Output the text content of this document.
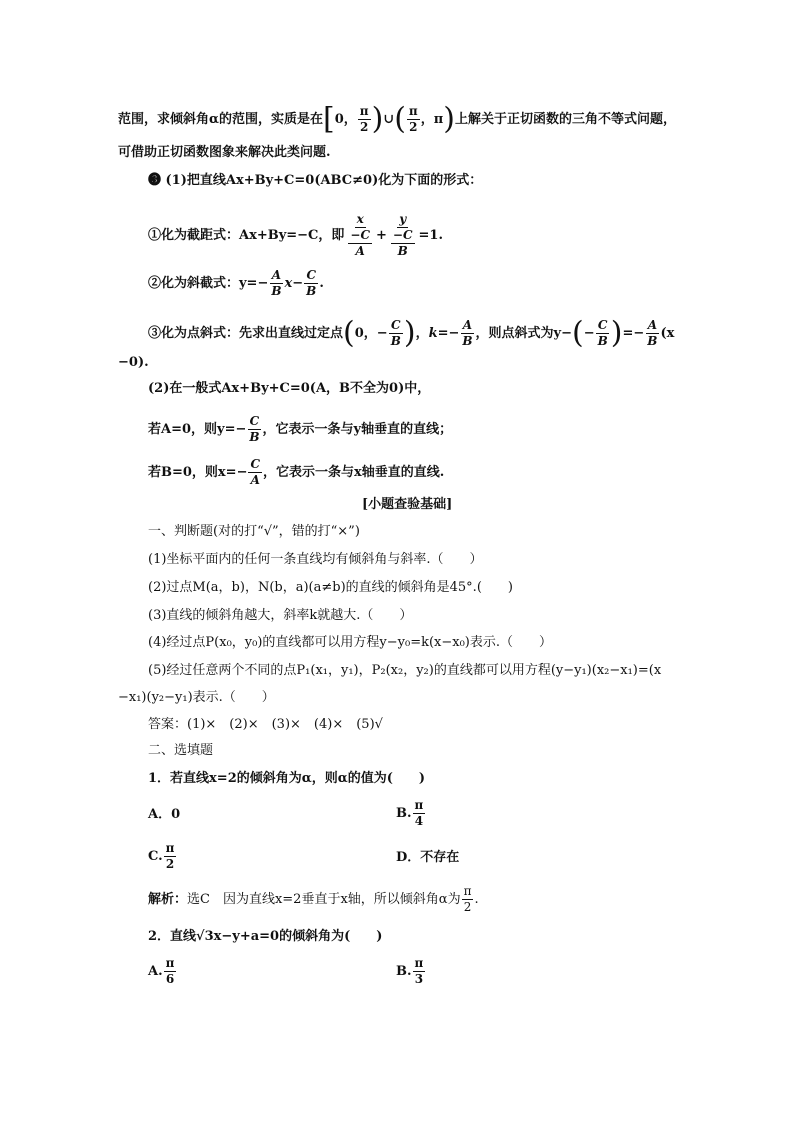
范围，求倾斜角α的范围，实质是在[0， $\frac{\pi}{2}$ )∪( $\frac{\pi}{2}$ ，π)上解关于正切函数的三角不等式问题，
可借助正切函数图象来解决此类问题.
❸ (1)把直线Ax+By+C=0(ABC≠0)化为下面的形式：
①化为截距式：Ax+By=−C，即 $\frac{x}{\frac{-C}{A}} + \frac{y}{\frac{-C}{B}} =1$.
②化为斜截式：$y=- \frac{A}{B} x- \frac{C}{B}$ .
③化为点斜式：先求出直线过定点(0，− $\frac{C}{B}$ )，$k=- \frac{A}{B}$ ，则点斜式为$y-(- \frac{C}{B}$ )=− $\frac{A}{B} (x$
−0).
(2)在一般式Ax+By+C=0(A，B不全为0)中，
若A=0，则$y=- \frac{C}{B}$ ，它表示一条与y轴垂直的直线；
若B=0，则$x=- \frac{C}{A}$ ，它表示一条与x轴垂直的直线.
[小题查验基础]
一、判断题(对的打“√”，错的打“×”)
(1)坐标平面内的任何一条直线均有倾斜角与斜率.（　　）
(2)过点M(a，b)，N(b，a)(a≠b)的直线的倾斜角是45°.(　　)
(3)直线的倾斜角越大，斜率k就越大.（　　）
(4)经过点P(x₀，y₀)的直线都可以用方程y−y₀=k(x−x₀)表示.（　　）
(5)经过任意两个不同的点P₁(x₁，y₁)，P₂(x₂，y₂)的直线都可以用方程(y−y₁)(x₂−x₁)=(x
−x₁)(y₂−y₁)表示.（　　）
答案：(1)×　(2)×　(3)×　(4)×　(5)√
二、选填题
1．若直线x=2的倾斜角为α，则α的值为(　　)
A．0	B. $\frac{\pi}{4}$
C. $\frac{\pi}{2}$	D．不存在
解析：选C　因为直线x=2垂直于x轴，所以倾斜角α为 $\frac{\pi}{2}$ .
2．直线√3x−y+a=0的倾斜角为(　　)
A. $\frac{\pi}{6}$	B. $\frac{\pi}{3}$
